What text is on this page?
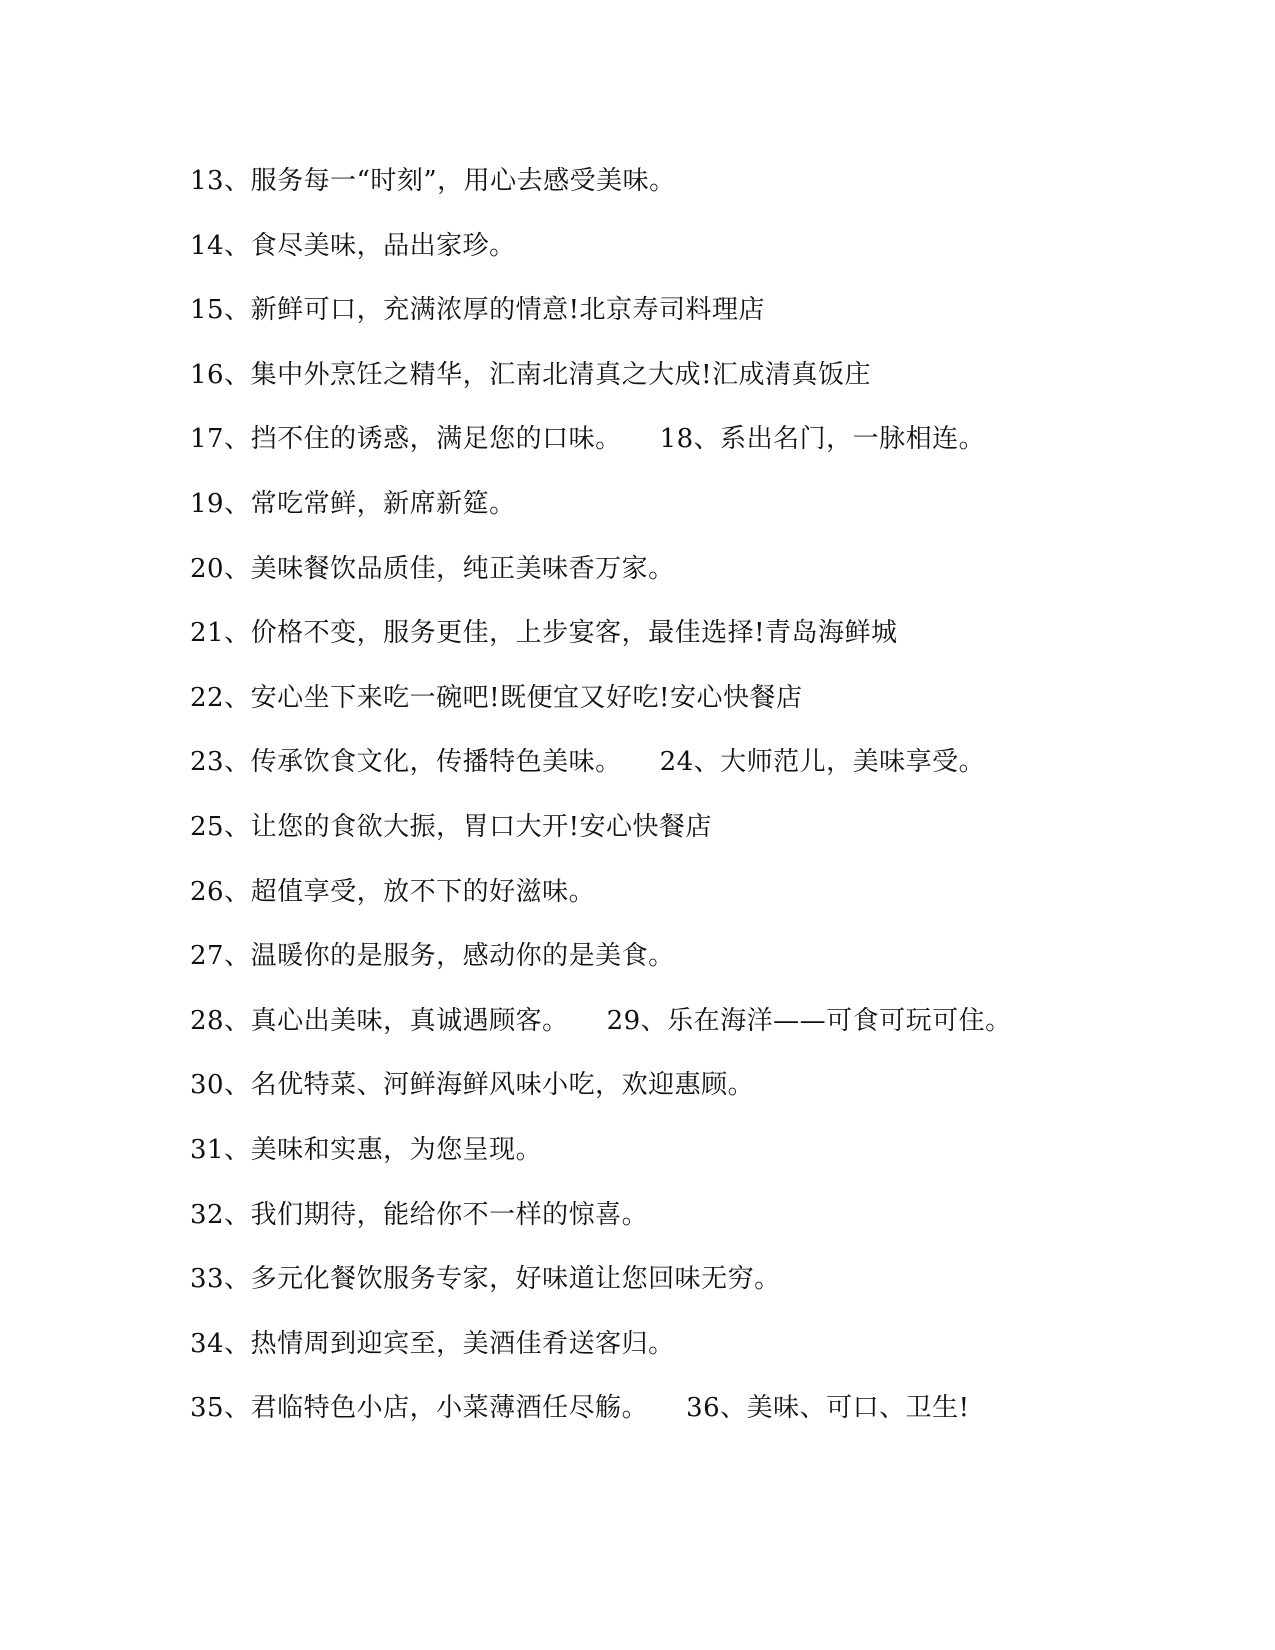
13、服务每一“时刻”，用心去感受美味。
14、食尽美味，品出家珍。
15、新鲜可口，充满浓厚的情意!北京寿司料理店
16、集中外烹饪之精华，汇南北清真之大成!汇成清真饭庄
17、挡不住的诱惑，满足您的口味。 18、系出名门，一脉相连。
19、常吃常鲜，新席新筵。
20、美味餐饮品质佳，纯正美味香万家。
21、价格不变，服务更佳，上步宴客，最佳选择!青岛海鲜城
22、安心坐下来吃一碗吧!既便宜又好吃!安心快餐店
23、传承饮食文化，传播特色美味。 24、大师范儿，美味享受。
25、让您的食欲大振，胃口大开!安心快餐店
26、超值享受，放不下的好滋味。
27、温暖你的是服务，感动你的是美食。
28、真心出美味，真诚遇顾客。 29、乐在海洋——可食可玩可住。
30、名优特菜、河鲜海鲜风味小吃，欢迎惠顾。
31、美味和实惠，为您呈现。
32、我们期待，能给你不一样的惊喜。
33、多元化餐饮服务专家，好味道让您回味无穷。
34、热情周到迎宾至，美酒佳肴送客归。
35、君临特色小店，小菜薄酒任尽觞。 36、美味、可口、卫生!
